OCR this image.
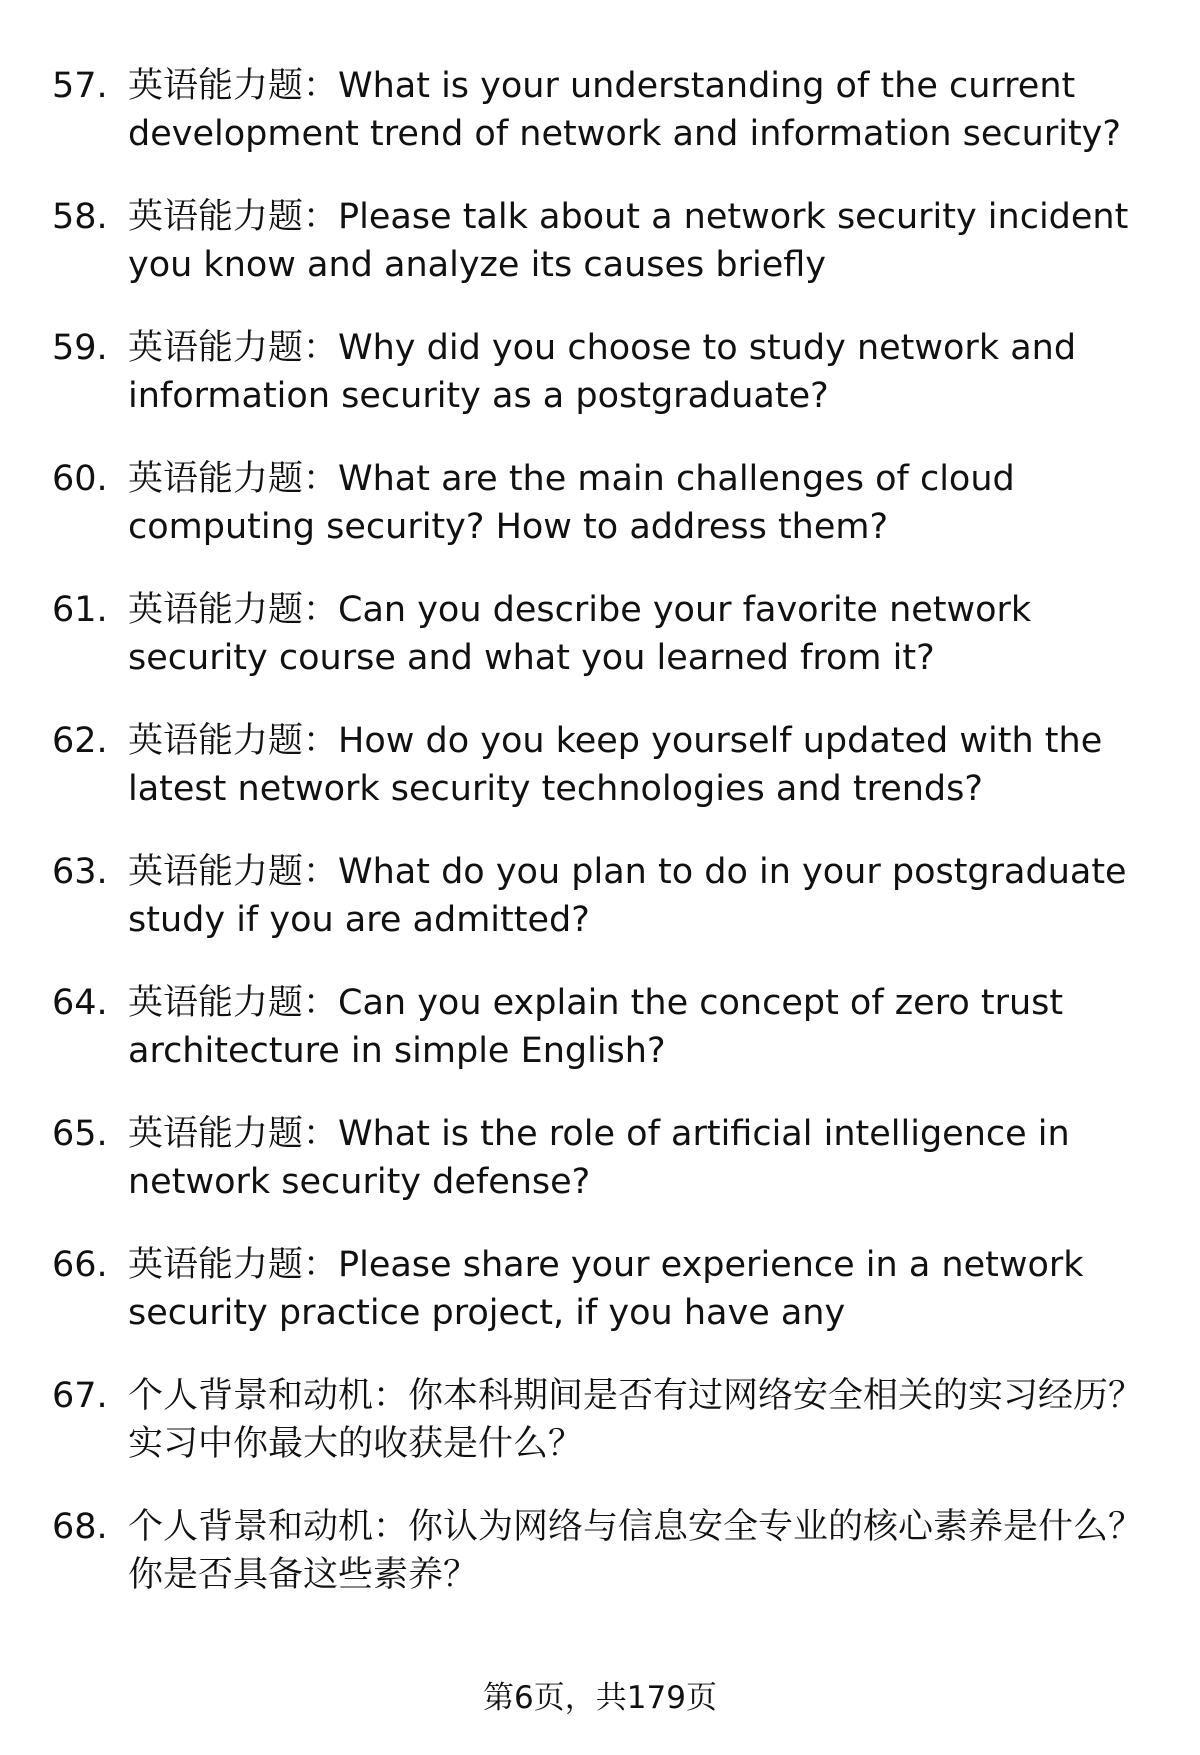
57. 英语能力题：What is your understanding of the current development trend of network and information security?
58. 英语能力题：Please talk about a network security incident you know and analyze its causes briefly
59. 英语能力题：Why did you choose to study network and information security as a postgraduate?
60. 英语能力题：What are the main challenges of cloud computing security? How to address them?
61. 英语能力题：Can you describe your favorite network security course and what you learned from it?
62. 英语能力题：How do you keep yourself updated with the latest network security technologies and trends?
63. 英语能力题：What do you plan to do in your postgraduate study if you are admitted?
64. 英语能力题：Can you explain the concept of zero trust architecture in simple English?
65. 英语能力题：What is the role of artificial intelligence in network security defense?
66. 英语能力题：Please share your experience in a network security practice project, if you have any
67. 个人背景和动机：你本科期间是否有过网络安全相关的实习经历？实习中你最大的收获是什么？
68. 个人背景和动机：你认为网络与信息安全专业的核心素养是什么？你是否具备这些素养？
第6页，共179页
